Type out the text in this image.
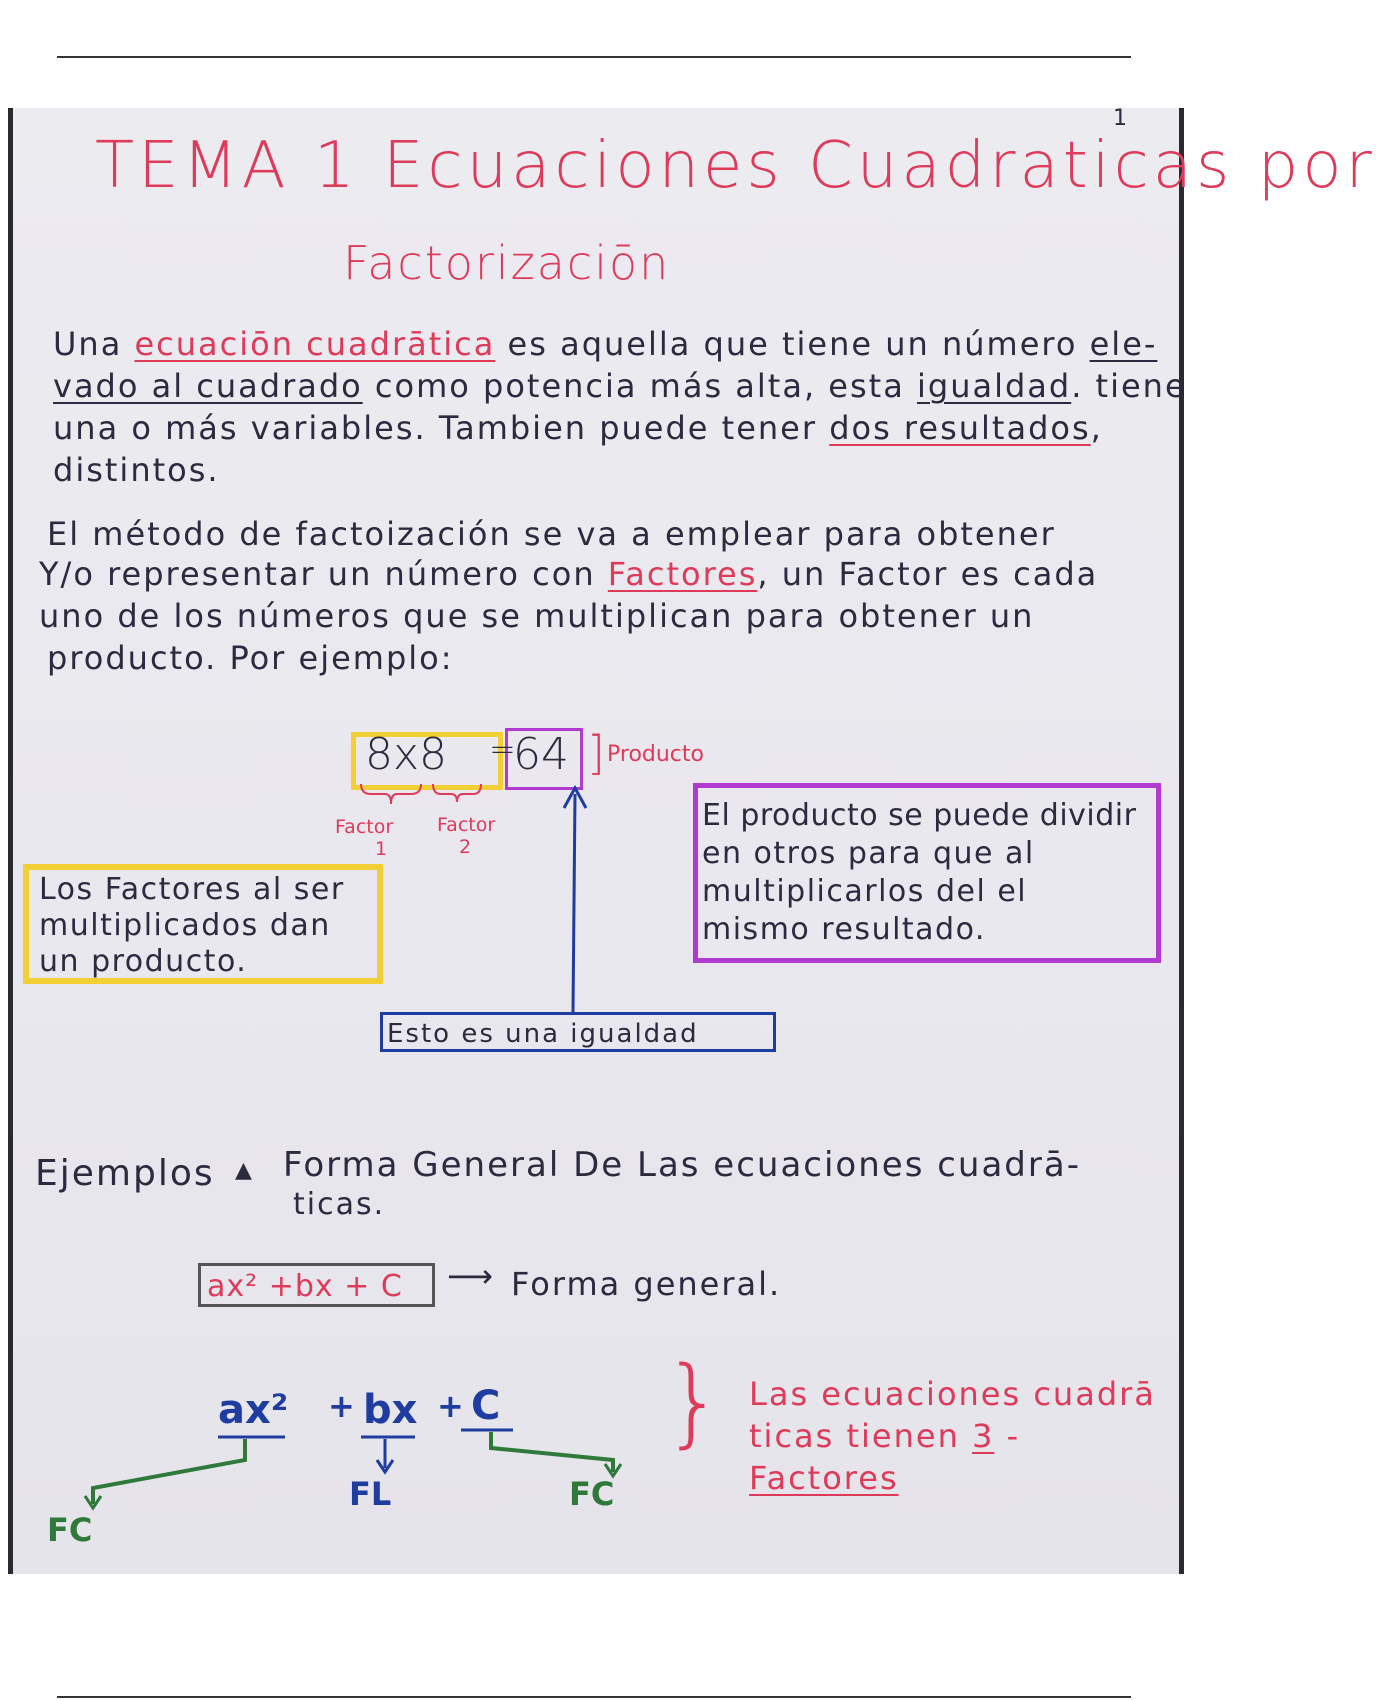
1
TEMA 1 Ecuaciones Cuadraticas por
Factorizaciōn
Una ecuaciōn cuadrātica es aquella que tiene un número ele-
vado al cuadrado como potencia más alta, esta igualdad. tiene
una o más variables. Tambien puede tener dos resultados,
distintos.
El método de factoización se va a emplear para obtener
Y/o representar un número con Factores, un Factor es cada
uno de los números que se multiplican para obtener un
producto. Por ejemplo:
8x8 =
64 ] Producto
Factor
1
Factor
2
Los Factores al ser
multiplicados dan
un producto.
El producto se puede dividir
en otros para que al
multiplicarlos del el
mismo resultado.
Esto es una igualdad
Ejemplos ▲ Forma General De Las ecuaciones cuadrā-
ticas.
ax² +bx + C ⟶ Forma general.
ax² + bx + C
FC
FL	FC
} Las ecuaciones cuadrā
ticas tienen 3 -
Factores
